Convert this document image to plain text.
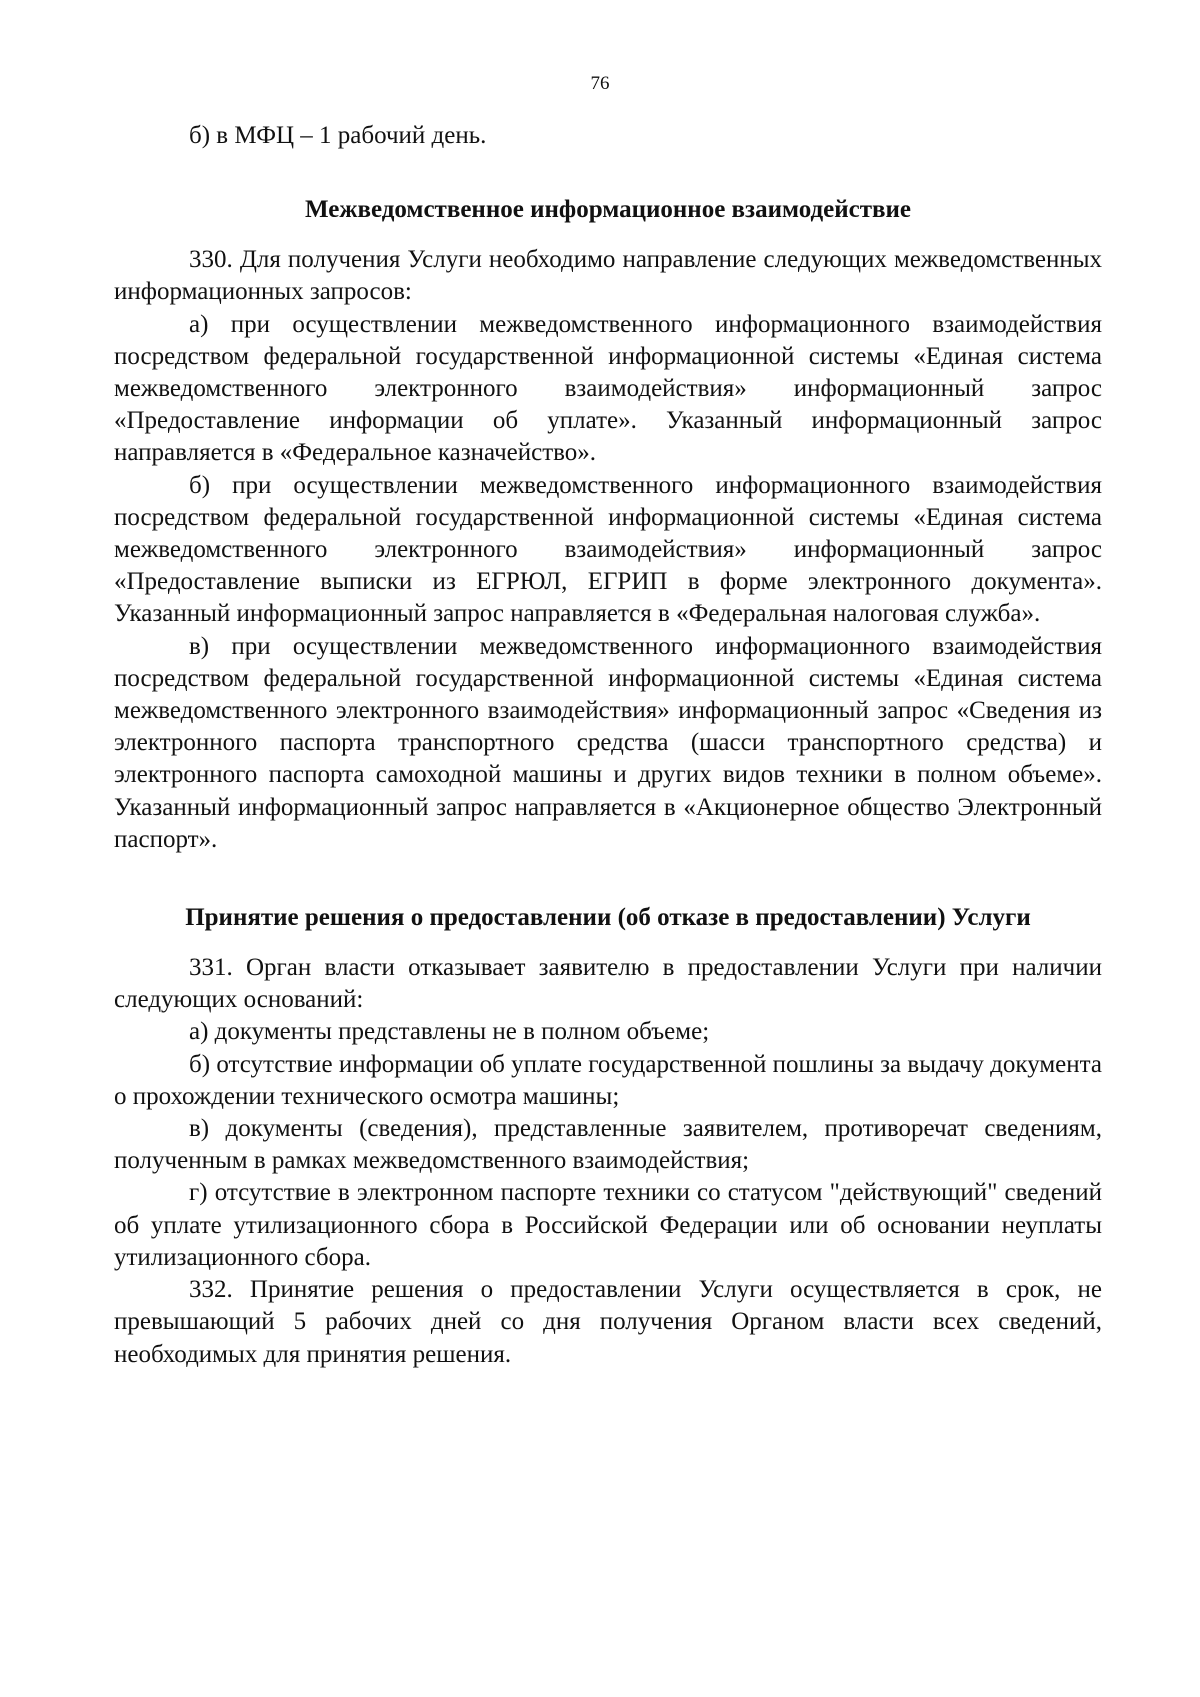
76

б) в МФЦ – 1 рабочий день.

Межведомственное информационное взаимодействие

330. Для получения Услуги необходимо направление следующих межведомственных информационных запросов:

а) при осуществлении межведомственного информационного взаимодействия посредством федеральной государственной информационной системы «Единая система межведомственного электронного взаимодействия» информационный запрос «Предоставление информации об уплате». Указанный информационный запрос направляется в «Федеральное казначейство».

б) при осуществлении межведомственного информационного взаимодействия посредством федеральной государственной информационной системы «Единая система межведомственного электронного взаимодействия» информационный запрос «Предоставление выписки из ЕГРЮЛ, ЕГРИП в форме электронного документа». Указанный информационный запрос направляется в «Федеральная налоговая служба».

в) при осуществлении межведомственного информационного взаимодействия посредством федеральной государственной информационной системы «Единая система межведомственного электронного взаимодействия» информационный запрос «Сведения из электронного паспорта транспортного средства (шасси транспортного средства) и электронного паспорта самоходной машины и других видов техники в полном объеме». Указанный информационный запрос направляется в «Акционерное общество Электронный паспорт».

Принятие решения о предоставлении (об отказе в предоставлении) Услуги

331. Орган власти отказывает заявителю в предоставлении Услуги при наличии следующих оснований:

а) документы представлены не в полном объеме;

б) отсутствие информации об уплате государственной пошлины за выдачу документа о прохождении технического осмотра машины;

в) документы (сведения), представленные заявителем, противоречат сведениям, полученным в рамках межведомственного взаимодействия;

г) отсутствие в электронном паспорте техники со статусом "действующий" сведений об уплате утилизационного сбора в Российской Федерации или об основании неуплаты утилизационного сбора.

332. Принятие решения о предоставлении Услуги осуществляется в срок, не превышающий 5 рабочих дней со дня получения Органом власти всех сведений, необходимых для принятия решения.
